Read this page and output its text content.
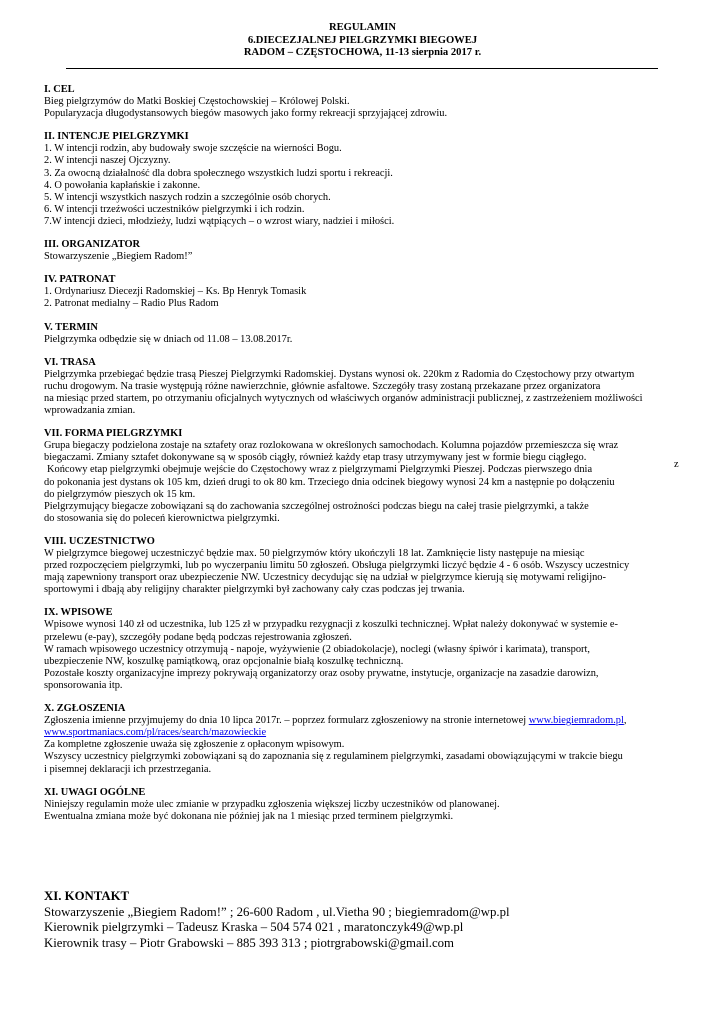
REGULAMIN
6.DIECEZJALNEJ PIELGRZYMKI BIEGOWEJ
RADOM – CZĘSTOCHOWA, 11-13 sierpnia 2017 r.
I. CEL
Bieg pielgrzymów do Matki Boskiej Częstochowskiej – Królowej Polski.
Popularyzacja długodystansowych biegów masowych jako formy rekreacji sprzyjającej zdrowiu.
II. INTENCJE PIELGRZYMKI
1. W intencji rodzin, aby budowały swoje szczęście na wierności Bogu.
2. W intencji naszej Ojczyzny.
3. Za owocną działalność dla dobra społecznego wszystkich ludzi sportu i rekreacji.
4. O powołania kapłańskie i zakonne.
5. W intencji wszystkich naszych rodzin a szczególnie osób chorych.
6. W intencji trzeźwości uczestników pielgrzymki i ich rodzin.
7.W intencji dzieci, młodzieży, ludzi wątpiących – o wzrost wiary, nadziei i miłości.
III. ORGANIZATOR
Stowarzyszenie „Biegiem Radom!”
IV. PATRONAT
1. Ordynariusz Diecezji Radomskiej – Ks. Bp Henryk Tomasik
2. Patronat medialny – Radio Plus Radom
V. TERMIN
Pielgrzymka odbędzie się w dniach od 11.08 – 13.08.2017r.
VI. TRASA
Pielgrzymka przebiegać będzie trasą Pieszej Pielgrzymki Radomskiej. Dystans wynosi ok. 220km z Radomia do Częstochowy przy otwartym
ruchu drogowym. Na trasie występują różne nawierzchnie, głównie asfaltowe. Szczegóły trasy zostaną przekazane przez organizatora
na miesiąc przed startem, po otrzymaniu oficjalnych wytycznych od właściwych organów administracji publicznej, z zastrzeżeniem możliwości
wprowadzania zmian.
VII. FORMA PIELGRZYMKI
Grupa biegaczy podzielona zostaje na sztafety oraz rozlokowana w określonych samochodach. Kolumna pojazdów przemieszcza się wraz
biegaczami. Zmiany sztafet dokonywane są w sposób ciągły, również każdy etap trasy utrzymywany jest w formie biegu ciągłego.
Końcowy etap pielgrzymki obejmuje wejście do Częstochowy wraz z pielgrzymami Pielgrzymki Pieszej. Podczas pierwszego dnia
do pokonania jest dystans ok 105 km, dzień drugi to ok 80 km. Trzeciego dnia odcinek biegowy wynosi 24 km a następnie po dołączeniu
do pielgrzymów pieszych ok 15 km.
Pielgrzymujący biegacze zobowiązani są do zachowania szczególnej ostrożności podczas biegu na całej trasie pielgrzymki, a także
do stosowania się do poleceń kierownictwa pielgrzymki.
VIII. UCZESTNICTWO
W pielgrzymce biegowej uczestniczyć będzie max. 50 pielgrzymów który ukończyli 18 lat. Zamknięcie listy następuje na miesiąc
przed rozpoczęciem pielgrzymki, lub po wyczerpaniu limitu 50 zgłoszeń. Obsługa pielgrzymki liczyć będzie 4 - 6 osób. Wszyscy uczestnicy
mają zapewniony transport oraz ubezpieczenie NW. Uczestnicy decydując się na udział w pielgrzymce kierują się motywami religijno-
sportowymi i dbają aby religijny charakter pielgrzymki był zachowany cały czas podczas jej trwania.
IX. WPISOWE
Wpisowe wynosi 140 zł od uczestnika, lub 125 zł w przypadku rezygnacji z koszulki technicznej. Wpłat należy dokonywać w systemie e-
przelewu (e-pay), szczegóły podane będą podczas rejestrowania zgłoszeń.
W ramach wpisowego uczestnicy otrzymują - napoje, wyżywienie (2 obiadokolacje), noclegi (własny śpiwór i karimata), transport,
ubezpieczenie NW, koszulkę pamiątkową, oraz opcjonalnie białą koszulkę techniczną.
Pozostałe koszty organizacyjne imprezy pokrywają organizatorzy oraz osoby prywatne, instytucje, organizacje na zasadzie darowizn,
sponsorowania itp.
X. ZGŁOSZENIA
Zgłoszenia imienne przyjmujemy do dnia 10 lipca 2017r. – poprzez formularz zgłoszeniowy na stronie internetowej www.biegiemradom.pl,
www.sportmaniacs.com/pl/races/search/mazowieckie
Za kompletne zgłoszenie uważa się zgłoszenie z opłaconym wpisowym.
Wszyscy uczestnicy pielgrzymki zobowiązani są do zapoznania się z regulaminem pielgrzymki, zasadami obowiązującymi w trakcie biegu
i pisemnej deklaracji ich przestrzegania.
XI. UWAGI OGÓLNE
Niniejszy regulamin może ulec zmianie w przypadku zgłoszenia większej liczby uczestników od planowanej.
Ewentualna zmiana może być dokonana nie później jak na 1 miesiąc przed terminem pielgrzymki.
z
XI. KONTAKT
Stowarzyszenie „Biegiem Radom!” ; 26-600 Radom , ul.Vietha 90 ; biegiemradom@wp.pl
Kierownik pielgrzymki – Tadeusz Kraska – 504 574 021 , maratonczyk49@wp.pl
Kierownik trasy – Piotr Grabowski – 885 393 313 ; piotrgrabowski@gmail.com
